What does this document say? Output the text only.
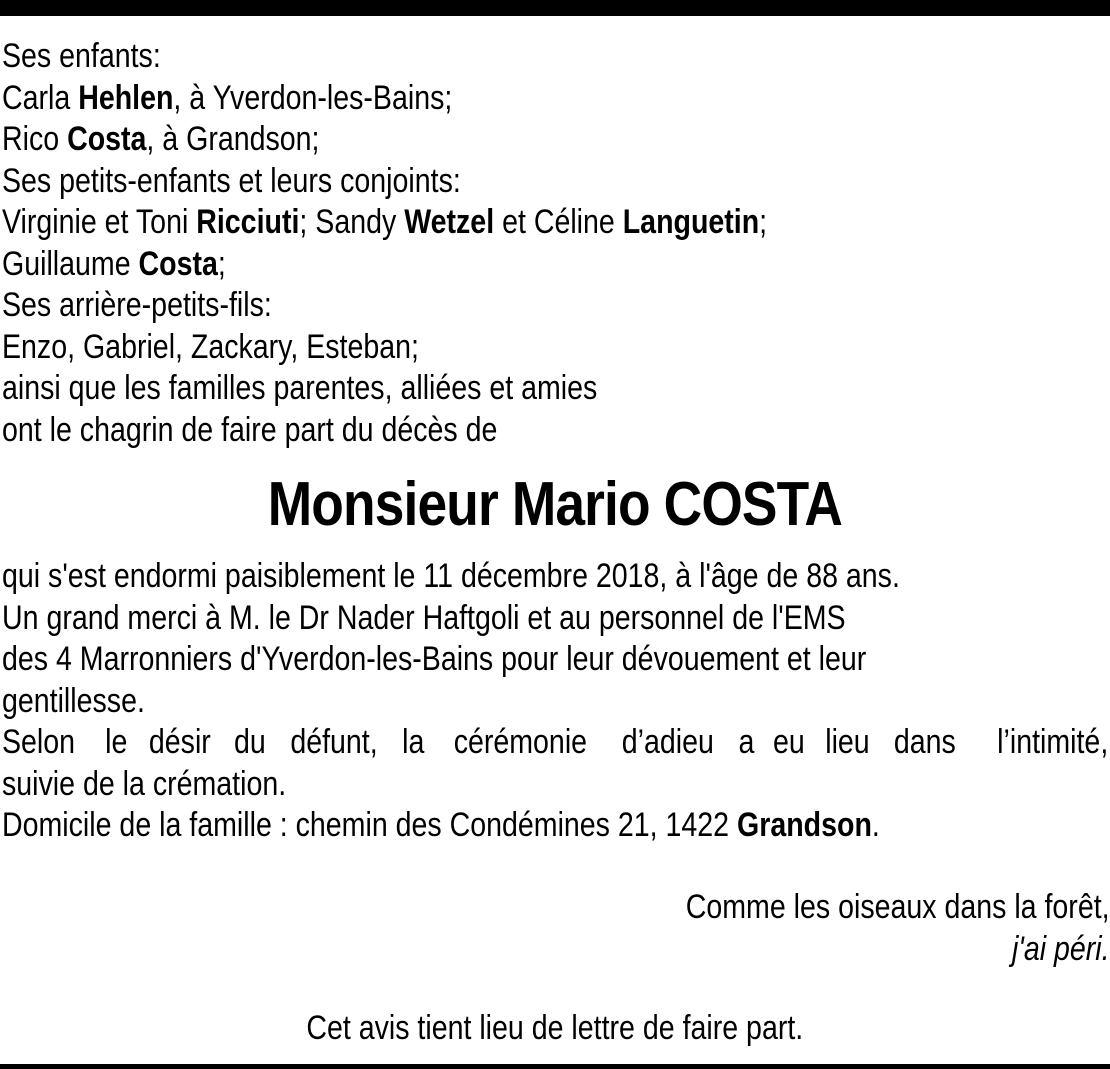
Ses enfants:
Carla Hehlen, à Yverdon-les-Bains;
Rico Costa, à Grandson;
Ses petits-enfants et leurs conjoints:
Virginie et Toni Ricciuti; Sandy Wetzel et Céline Languetin;
Guillaume Costa;
Ses arrière-petits-fils:
Enzo, Gabriel, Zackary, Esteban;
ainsi que les familles parentes, alliées et amies
ont le chagrin de faire part du décès de
Monsieur Mario COSTA
qui s'est endormi paisiblement le 11 décembre 2018, à l'âge de 88 ans.
Un grand merci à M. le Dr Nader Haftgoli et au personnel de l'EMS
des 4 Marronniers d'Yverdon-les-Bains pour leur dévouement et leur
gentillesse.
Selon le désir du défunt, la cérémonie d’adieu a eu lieu dans l’intimité,
suivie de la crémation.
Domicile de la famille : chemin des Condémines 21, 1422 Grandson.
Comme les oiseaux dans la forêt,
j'ai péri.
Cet avis tient lieu de lettre de faire part.
